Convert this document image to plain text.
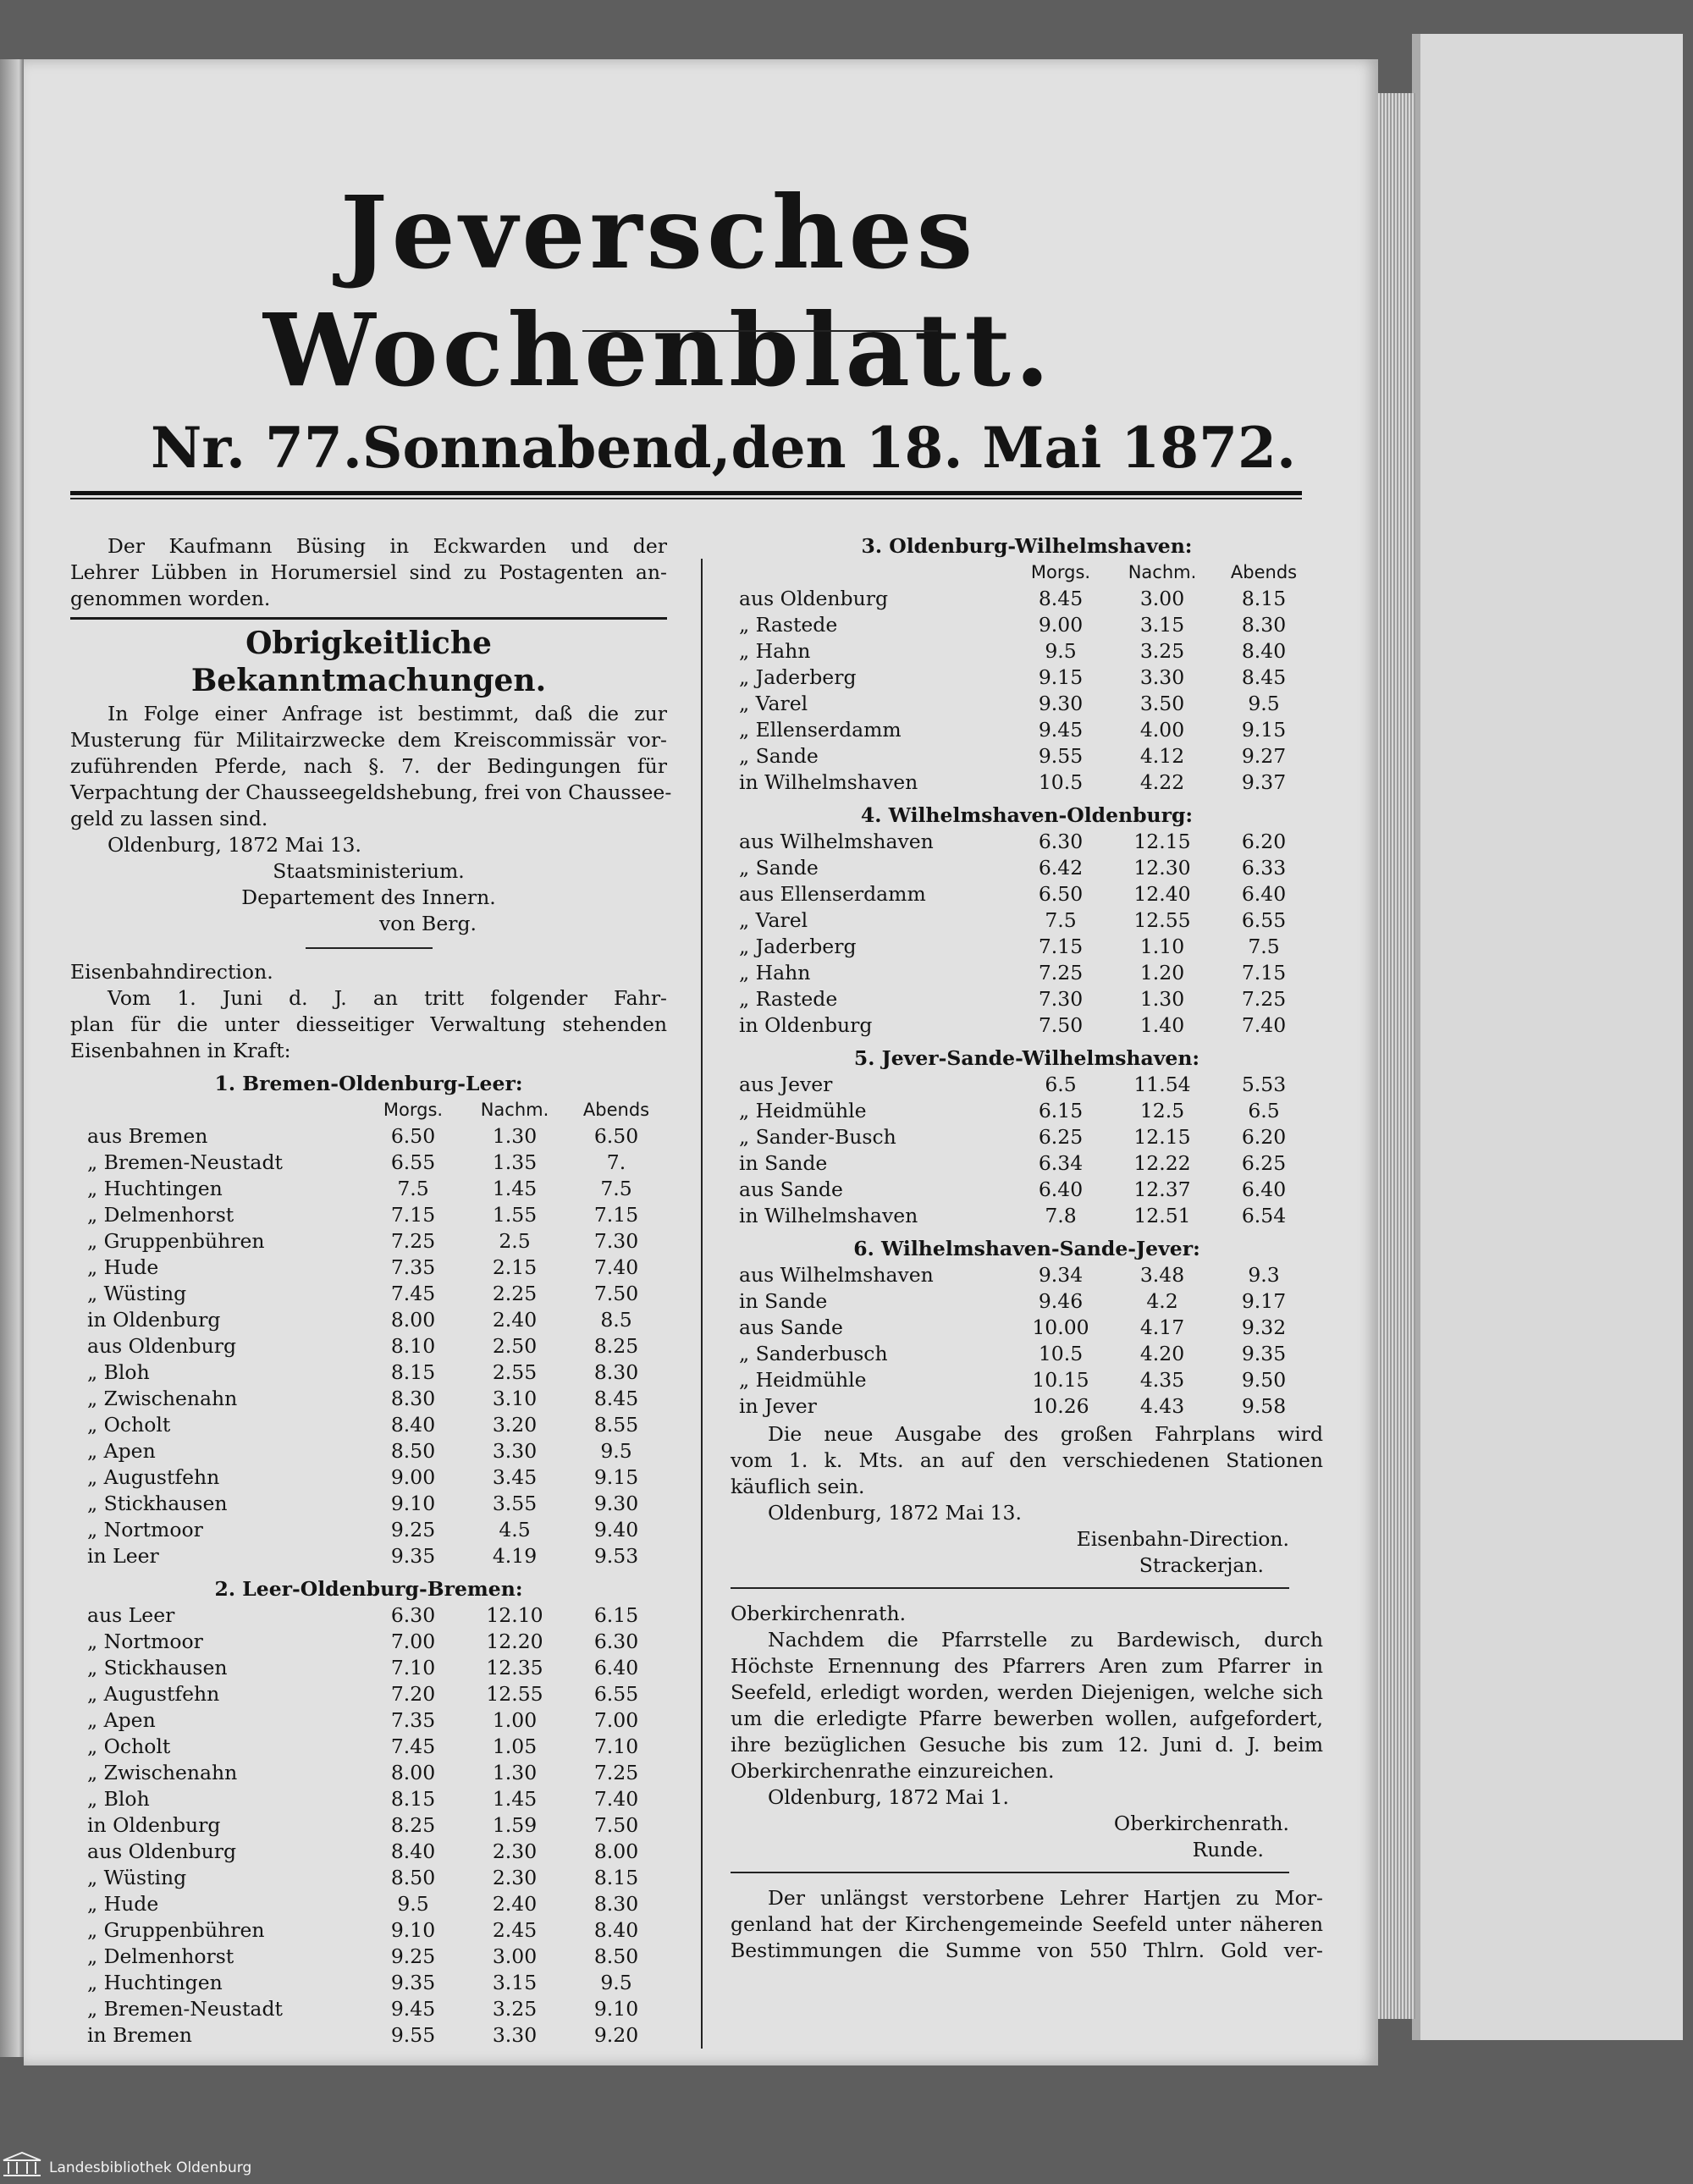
Jeversches Wochenblatt.
Nr. 77. Sonnabend, den 18. Mai 1872.

Der Kaufmann Büsing in Eckwarden und der

Lehrer Lübben in Horumersiel sind zu Postagenten an-

genommen worden.

Obrigkeitliche Bekanntmachungen.

In Folge einer Anfrage ist bestimmt, daß die zur

Musterung für Militairzwecke dem Kreiscommissär vor-

zuführenden Pferde, nach §. 7. der Bedingungen für

Verpachtung der Chausseegeldshebung, frei von Chaussee-

geld zu lassen sind.

Oldenburg, 1872 Mai 13.

Staatsministerium.

Departement des Innern.

von Berg.

Eisenbahndirection.

Vom 1. Juni d. J. an tritt folgender Fahr-

plan für die unter diesseitiger Verwaltung stehenden

Eisenbahnen in Kraft:

1. Bremen-Oldenburg-Leer:
Morgs.	Nachm.	Abends
aus Bremen	6.50	1.30	6.50
„ Bremen-Neustadt	6.55	1.35	7.
„ Huchtingen	7.5	1.45	7.5
„ Delmenhorst	7.15	1.55	7.15
„ Gruppenbühren	7.25	2.5	7.30
„ Hude	7.35	2.15	7.40
„ Wüsting	7.45	2.25	7.50
in Oldenburg	8.00	2.40	8.5
aus Oldenburg	8.10	2.50	8.25
„ Bloh	8.15	2.55	8.30
„ Zwischenahn	8.30	3.10	8.45
„ Ocholt	8.40	3.20	8.55
„ Apen	8.50	3.30	9.5
„ Augustfehn	9.00	3.45	9.15
„ Stickhausen	9.10	3.55	9.30
„ Nortmoor	9.25	4.5	9.40
in Leer	9.35	4.19	9.53
2. Leer-Oldenburg-Bremen:
aus Leer	6.30	12.10	6.15
„ Nortmoor	7.00	12.20	6.30
„ Stickhausen	7.10	12.35	6.40
„ Augustfehn	7.20	12.55	6.55
„ Apen	7.35	1.00	7.00
„ Ocholt	7.45	1.05	7.10
„ Zwischenahn	8.00	1.30	7.25
„ Bloh	8.15	1.45	7.40
in Oldenburg	8.25	1.59	7.50
aus Oldenburg	8.40	2.30	8.00
„ Wüsting	8.50	2.30	8.15
„ Hude	9.5	2.40	8.30
„ Gruppenbühren	9.10	2.45	8.40
„ Delmenhorst	9.25	3.00	8.50
„ Huchtingen	9.35	3.15	9.5
„ Bremen-Neustadt	9.45	3.25	9.10
in Bremen	9.55	3.30	9.20
3. Oldenburg-Wilhelmshaven:
Morgs.	Nachm.	Abends
aus Oldenburg	8.45	3.00	8.15
„ Rastede	9.00	3.15	8.30
„ Hahn	9.5	3.25	8.40
„ Jaderberg	9.15	3.30	8.45
„ Varel	9.30	3.50	9.5
„ Ellenserdamm	9.45	4.00	9.15
„ Sande	9.55	4.12	9.27
in Wilhelmshaven	10.5	4.22	9.37
4. Wilhelmshaven-Oldenburg:
aus Wilhelmshaven	6.30	12.15	6.20
„ Sande	6.42	12.30	6.33
aus Ellenserdamm	6.50	12.40	6.40
„ Varel	7.5	12.55	6.55
„ Jaderberg	7.15	1.10	7.5
„ Hahn	7.25	1.20	7.15
„ Rastede	7.30	1.30	7.25
in Oldenburg	7.50	1.40	7.40
5. Jever-Sande-Wilhelmshaven:
aus Jever	6.5	11.54	5.53
„ Heidmühle	6.15	12.5	6.5
„ Sander-Busch	6.25	12.15	6.20
in Sande	6.34	12.22	6.25
aus Sande	6.40	12.37	6.40
in Wilhelmshaven	7.8	12.51	6.54
6. Wilhelmshaven-Sande-Jever:
aus Wilhelmshaven	9.34	3.48	9.3
in Sande	9.46	4.2	9.17
aus Sande	10.00	4.17	9.32
„ Sanderbusch	10.5	4.20	9.35
„ Heidmühle	10.15	4.35	9.50
in Jever	10.26	4.43	9.58

Die neue Ausgabe des großen Fahrplans wird

vom 1. k. Mts. an auf den verschiedenen Stationen

käuflich sein.

Oldenburg, 1872 Mai 13.

Eisenbahn-Direction.

Strackerjan.

Oberkirchenrath.

Nachdem die Pfarrstelle zu Bardewisch, durch

Höchste Ernennung des Pfarrers Aren zum Pfarrer in

Seefeld, erledigt worden, werden Diejenigen, welche sich

um die erledigte Pfarre bewerben wollen, aufgefordert,

ihre bezüglichen Gesuche bis zum 12. Juni d. J. beim

Oberkirchenrathe einzureichen.

Oldenburg, 1872 Mai 1.

Oberkirchenrath.

Runde.

Der unlängst verstorbene Lehrer Hartjen zu Mor-

genland hat der Kirchengemeinde Seefeld unter näheren

Bestimmungen die Summe von 550 Thlrn. Gold ver-

Landesbibliothek Oldenburg
